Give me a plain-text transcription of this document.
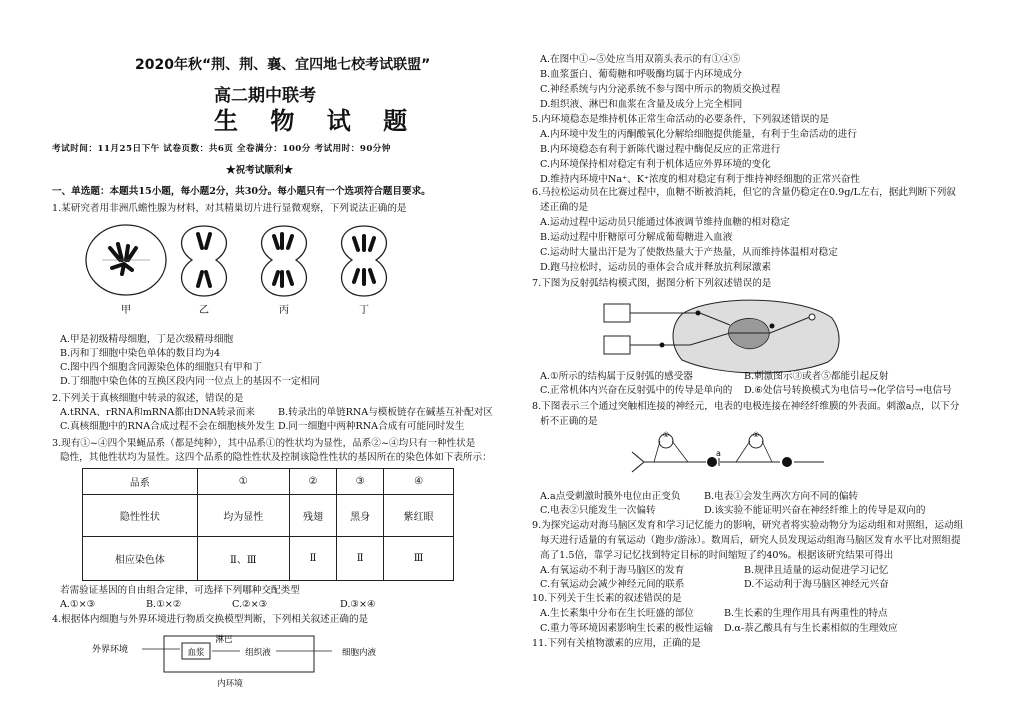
2020年秋“荆、荆、襄、宜四地七校考试联盟”
高二期中联考
生 物 试 题
考试时间：11月25日下午 试卷页数：共6页 全卷满分：100分 考试用时：90分钟
★祝考试顺利★
一、单选题：本题共15小题，每小题2分，共30分。每小题只有一个选项符合题目要求。
1.某研究者用非洲爪蟾性腺为材料，对其精巢切片进行显微观察，下列说法正确的是
甲	乙	丙	丁
A.甲是初级精母细胞，丁是次级精母细胞
B.丙和丁细胞中染色单体的数目均为4
C.图中四个细胞含同源染色体的细胞只有甲和丁
D.丁细胞中染色体的互换区段内同一位点上的基因不一定相同
2.下列关于真核细胞中转录的叙述，错误的是
A.tRNA、rRNA和mRNA都由DNA转录而来 B.转录出的单链RNA与模板链存在碱基互补配对区
C.真核细胞中的RNA合成过程不会在细胞核外发生 D.同一细胞中两种RNA合成有可能同时发生
3.现有①~④四个果蝇品系（都是纯种），其中品系①的性状均为显性，品系②~④均只有一种性状是
隐性，其他性状均为显性。这四个品系的隐性性状及控制该隐性性状的基因所在的染色体如下表所示：
品系	①	②	③	④
隐性性状	均为显性	残翅	黑身	紫红眼
相应染色体	Ⅱ、Ⅲ	Ⅱ	Ⅱ	Ⅲ
若需验证基因的自由组合定律，可选择下列哪种交配类型
A.①×③	B.①×②	C.②×③	D.③×④
4.根据体内细胞与外界环境进行物质交换模型判断，下列相关叙述正确的是
外界环境	血浆
淋巴
组织液	细胞内液
内环境
A.在图中①~⑤处应当用双箭头表示的有①④⑤
B.血浆蛋白、葡萄糖和呼吸酶均属于内环境成分
C.神经系统与内分泌系统不参与图中所示的物质交换过程
D.组织液、淋巴和血浆在含量及成分上完全相同
5.内环境稳态是维持机体正常生命活动的必要条件，下列叙述错误的是
A.内环境中发生的丙酮酸氧化分解给细胞提供能量，有利于生命活动的进行
B.内环境稳态有利于新陈代谢过程中酶促反应的正常进行
C.内环境保持相对稳定有利于机体适应外界环境的变化
D.维持内环境中Na⁺、K⁺浓度的相对稳定有利于维持神经细胞的正常兴奋性
6.马拉松运动员在比赛过程中，血糖不断被消耗，但它的含量仍稳定在0.9g/L左右，据此判断下列叙
述正确的是
A.运动过程中运动员只能通过体液调节维持血糖的相对稳定
B.运动过程中肝糖原可分解成葡萄糖进入血液
C.运动时大量出汗是为了使散热量大于产热量，从而维持体温相对稳定
D.跑马拉松时，运动员的垂体会合成并释放抗利尿激素
7.下图为反射弧结构模式图，据图分析下列叙述错误的是
A.①所示的结构属于反射弧的感受器	B.刺激图示③或者⑤都能引起反射
C.正常机体内兴奋在反射弧中的传导是单向的 D.⑥处信号转换模式为电信号→化学信号→电信号
8.下图表示三个通过突触相连接的神经元，电表的电极连接在神经纤维膜的外表面。刺激a点，以下分
析不正确的是
①	②
a
A.a点受刺激时膜外电位由正变负 B.电表①会发生两次方向不同的偏转
C.电表②只能发生一次偏转	D.该实验不能证明兴奋在神经纤维上的传导是双向的
9.为探究运动对海马脑区发育和学习记忆能力的影响，研究者将实验动物分为运动组和对照组，运动组
每天进行适量的有氧运动（跑步/游泳）。数周后，研究人员发现运动组海马脑区发育水平比对照组提
高了1.5倍，靠学习记忆找到特定目标的时间缩短了约40%。根据该研究结果可得出
A.有氧运动不利于海马脑区的发育	B.规律且适量的运动促进学习记忆
C.有氧运动会减少神经元间的联系	D.不运动利于海马脑区神经元兴奋
10.下列关于生长素的叙述错误的是
A.生长素集中分布在生长旺盛的部位	B.生长素的生理作用具有两重性的特点
C.重力等环境因素影响生长素的极性运输 D.α-萘乙酸具有与生长素相似的生理效应
11.下列有关植物激素的应用，正确的是
